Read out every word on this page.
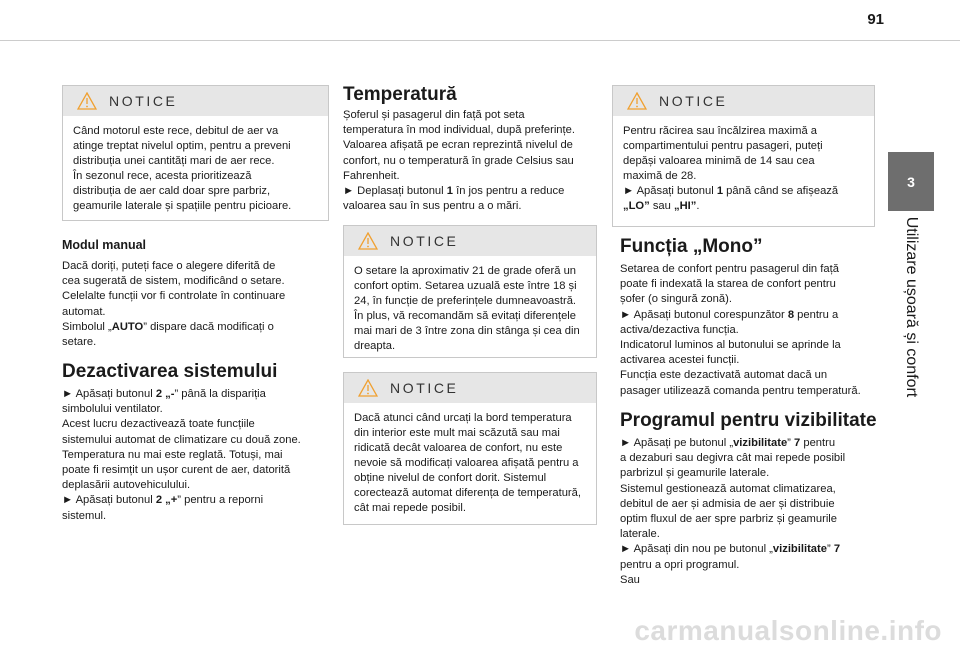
91
3
Utilizare ușoară și confort
NOTICE
Când motorul este rece, debitul de aer va
atinge treptat nivelul optim, pentru a preveni
distribuția unei cantități mari de aer rece.
În sezonul rece, acesta prioritizează
distribuția de aer cald doar spre parbriz,
geamurile laterale și spațiile pentru picioare.
Modul manual
Dacă doriți, puteți face o alegere diferită de
cea sugerată de sistem, modificând o setare.
Celelalte funcții vor fi controlate în continuare
automat.
Simbolul „AUTO” dispare dacă modificați o
setare.
Dezactivarea sistemului
► Apăsați butonul 2 „-” până la dispariția
simbolului ventilator.
Acest lucru dezactivează toate funcțiile
sistemului automat de climatizare cu două zone.
Temperatura nu mai este reglată. Totuși, mai
poate fi resimțit un ușor curent de aer, datorită
deplasării autovehiculului.
► Apăsați butonul 2 „+” pentru a reporni
sistemul.
Temperatură
Șoferul și pasagerul din față pot seta
temperatura în mod individual, după preferințe.
Valoarea afișată pe ecran reprezintă nivelul de
confort, nu o temperatură în grade Celsius sau
Fahrenheit.
► Deplasați butonul 1 în jos pentru a reduce
valoarea sau în sus pentru a o mări.
NOTICE
O setare la aproximativ 21 de grade oferă un
confort optim. Setarea uzuală este între 18 și
24, în funcție de preferințele dumneavoastră.
În plus, vă recomandăm să evitați diferențele
mai mari de 3 între zona din stânga și cea din
dreapta.
NOTICE
Dacă atunci când urcați la bord temperatura
din interior este mult mai scăzută sau mai
ridicată decât valoarea de confort, nu este
nevoie să modificați valoarea afișată pentru a
obține nivelul de confort dorit. Sistemul
corectează automat diferența de temperatură,
cât mai repede posibil.
NOTICE
Pentru răcirea sau încălzirea maximă a
compartimentului pentru pasageri, puteți
depăși valoarea minimă de 14 sau cea
maximă de 28.
► Apăsați butonul 1 până când se afișează
„LO” sau „HI”.
Funcția „Mono”
Setarea de confort pentru pasagerul din față
poate fi indexată la starea de confort pentru
șofer (o singură zonă).
► Apăsați butonul corespunzător 8 pentru a
activa/dezactiva funcția.
Indicatorul luminos al butonului se aprinde la
activarea acestei funcții.
Funcția este dezactivată automat dacă un
pasager utilizează comanda pentru temperatură.
Programul pentru vizibilitate
► Apăsați pe butonul „vizibilitate” 7 pentru
a dezaburi sau degivra cât mai repede posibil
parbrizul și geamurile laterale.
Sistemul gestionează automat climatizarea,
debitul de aer și admisia de aer și distribuie
optim fluxul de aer spre parbriz și geamurile
laterale.
► Apăsați din nou pe butonul „vizibilitate” 7
pentru a opri programul.
Sau
carmanualsonline.info
